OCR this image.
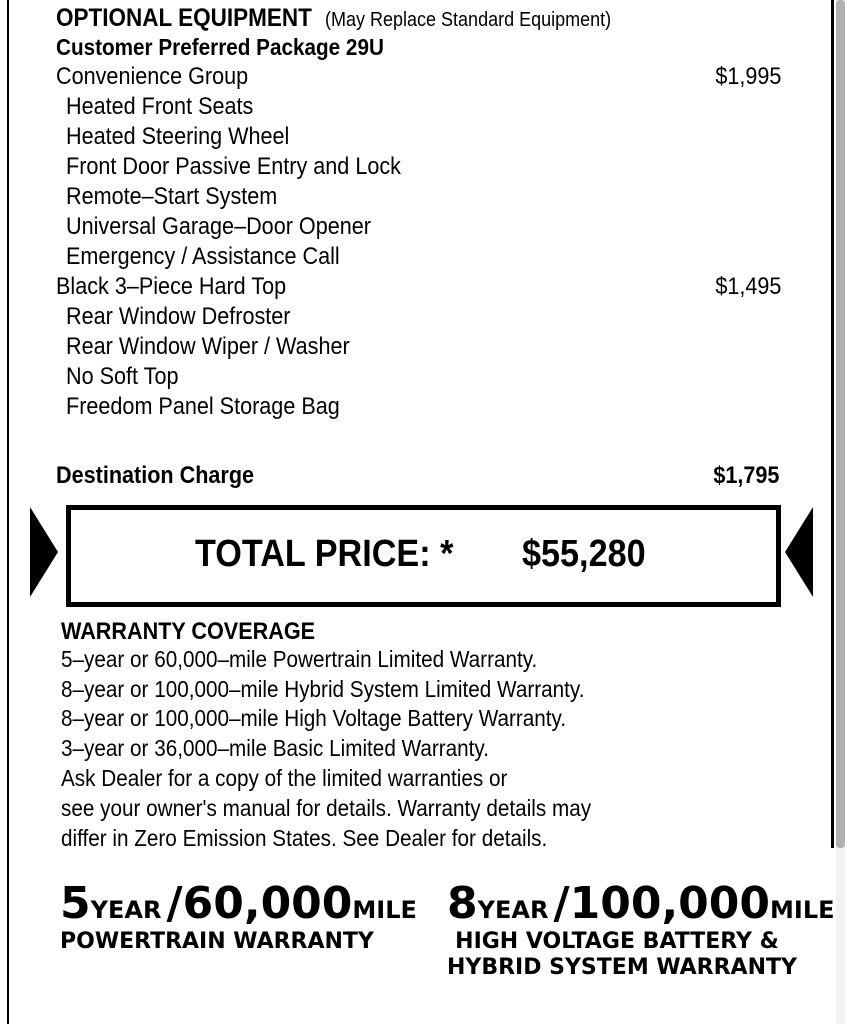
OPTIONAL EQUIPMENT (May Replace Standard Equipment)
Customer Preferred Package 29U
Convenience Group	$1,995
Heated Front Seats
Heated Steering Wheel
Front Door Passive Entry and Lock
Remote–Start System
Universal Garage–Door Opener
Emergency / Assistance Call
Black 3–Piece Hard Top	$1,495
Rear Window Defroster
Rear Window Wiper / Washer
No Soft Top
Freedom Panel Storage Bag
Destination Charge	$1,795
TOTAL PRICE: * $55,280
WARRANTY COVERAGE
5–year or 60,000–mile Powertrain Limited Warranty.
8–year or 100,000–mile Hybrid System Limited Warranty.
8–year or 100,000–mile High Voltage Battery Warranty.
3–year or 36,000–mile Basic Limited Warranty.
Ask Dealer for a copy of the limited warranties or
see your owner's manual for details. Warranty details may
differ in Zero Emission States. See Dealer for details.
5YEAR /60,000MILE
POWERTRAIN WARRANTY
8YEAR /100,000MILE
HIGH VOLTAGE BATTERY &
HYBRID SYSTEM WARRANTY
